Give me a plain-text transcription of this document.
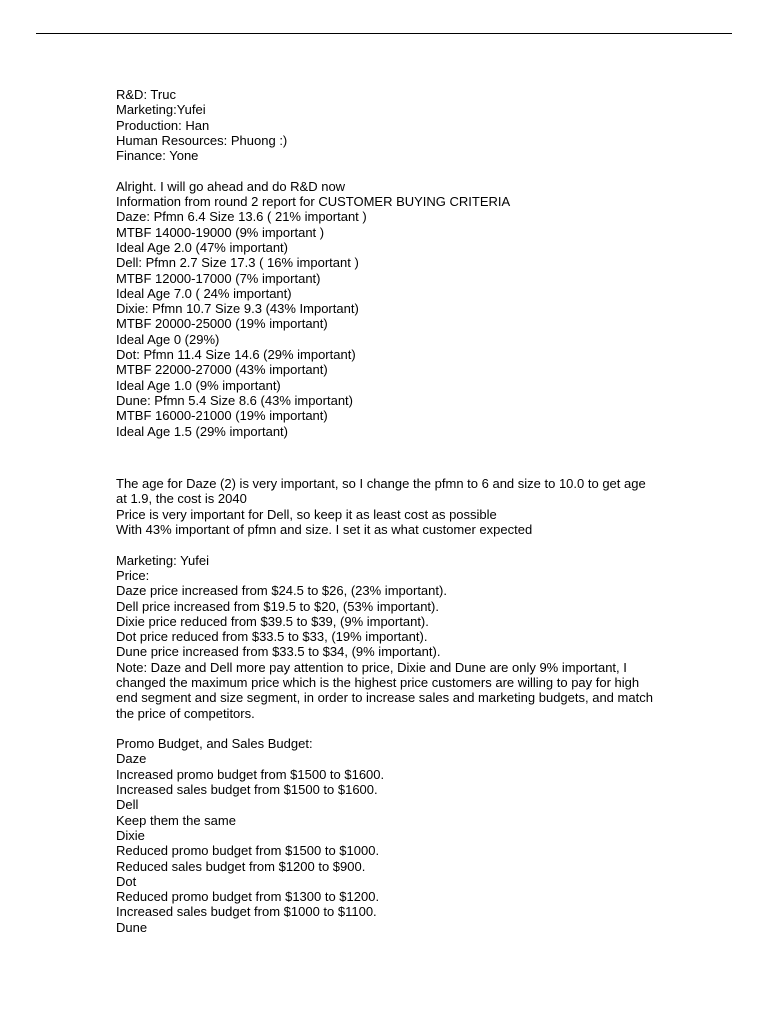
R&D: Truc
Marketing:Yufei
Production: Han
Human Resources: Phuong :)
Finance: Yone
Alright. I will go ahead and do R&D now
Information from round 2 report for CUSTOMER BUYING CRITERIA
Daze: Pfmn 6.4 Size 13.6 ( 21% important )
MTBF 14000-19000 (9% important )
Ideal Age 2.0 (47% important)
Dell: Pfmn 2.7 Size 17.3 ( 16% important )
MTBF 12000-17000 (7% important)
Ideal Age 7.0 ( 24% important)
Dixie: Pfmn 10.7 Size 9.3 (43% Important)
MTBF 20000-25000 (19% important)
Ideal Age 0 (29%)
Dot: Pfmn 11.4 Size 14.6 (29% important)
MTBF 22000-27000 (43% important)
Ideal Age 1.0 (9% important)
Dune: Pfmn 5.4 Size 8.6 (43% important)
MTBF 16000-21000 (19% important)
Ideal Age 1.5 (29% important)
The age for Daze (2) is very important, so I change the pfmn to 6 and size to 10.0 to get age at 1.9, the cost is 2040
Price is very important for Dell, so keep it as least cost as possible
With 43% important of pfmn and size. I set it as what customer expected
Marketing: Yufei
Price:
Daze price increased from $24.5 to $26, (23% important).
Dell price increased from $19.5 to $20, (53% important).
Dixie price reduced from $39.5 to $39, (9% important).
Dot price reduced from $33.5 to $33, (19% important).
Dune price increased from $33.5 to $34, (9% important).
Note: Daze and Dell more pay attention to price, Dixie and Dune are only 9% important, I changed the maximum price which is the highest price customers are willing to pay for high end segment and size segment, in order to increase sales and marketing budgets, and match the price of competitors.
Promo Budget, and Sales Budget:
Daze
Increased promo budget from $1500 to $1600.
Increased sales budget from $1500 to $1600.
Dell
Keep them the same
Dixie
Reduced promo budget from $1500 to $1000.
Reduced sales budget from $1200 to $900.
Dot
Reduced promo budget from $1300 to $1200.
Increased sales budget from $1000 to $1100.
Dune
